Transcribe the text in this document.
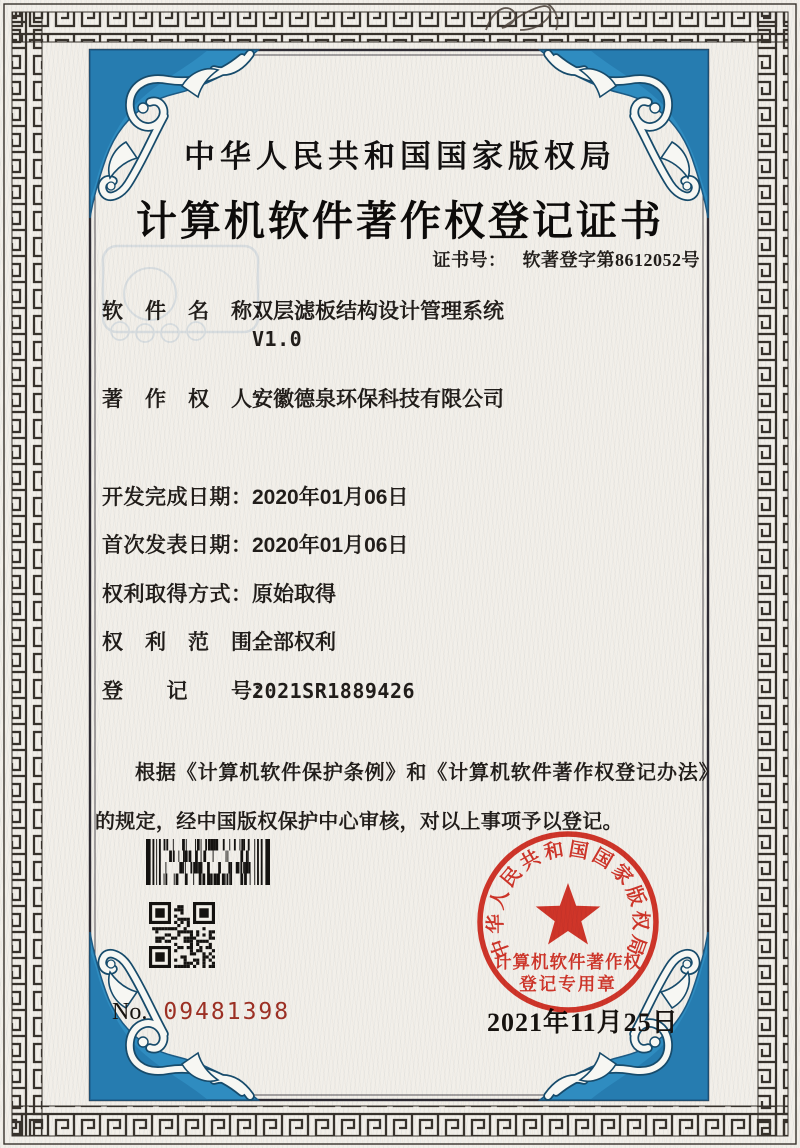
中华人民共和国国家版权局
计算机软件著作权登记证书
证书号： 软著登字第8612052号
软　件　名　称：双层滤板结构设计管理系统
V1.0
著　作　权　人：安徽德泉环保科技有限公司
开发完成日期：2020年01月06日
首次发表日期：2020年01月06日
权利取得方式：原始取得
权　利　范　围：全部权利
登　　记　　号：2021SR1889426

根据《计算机软件保护条例》和《计算机软件著作权登记办法》的规定，经中国版权保护中心审核，对以上事项予以登记。

No. 09481398	2021年11月25日
中华人民共和国国家版权局
计算机软件著作权
登记专用章
